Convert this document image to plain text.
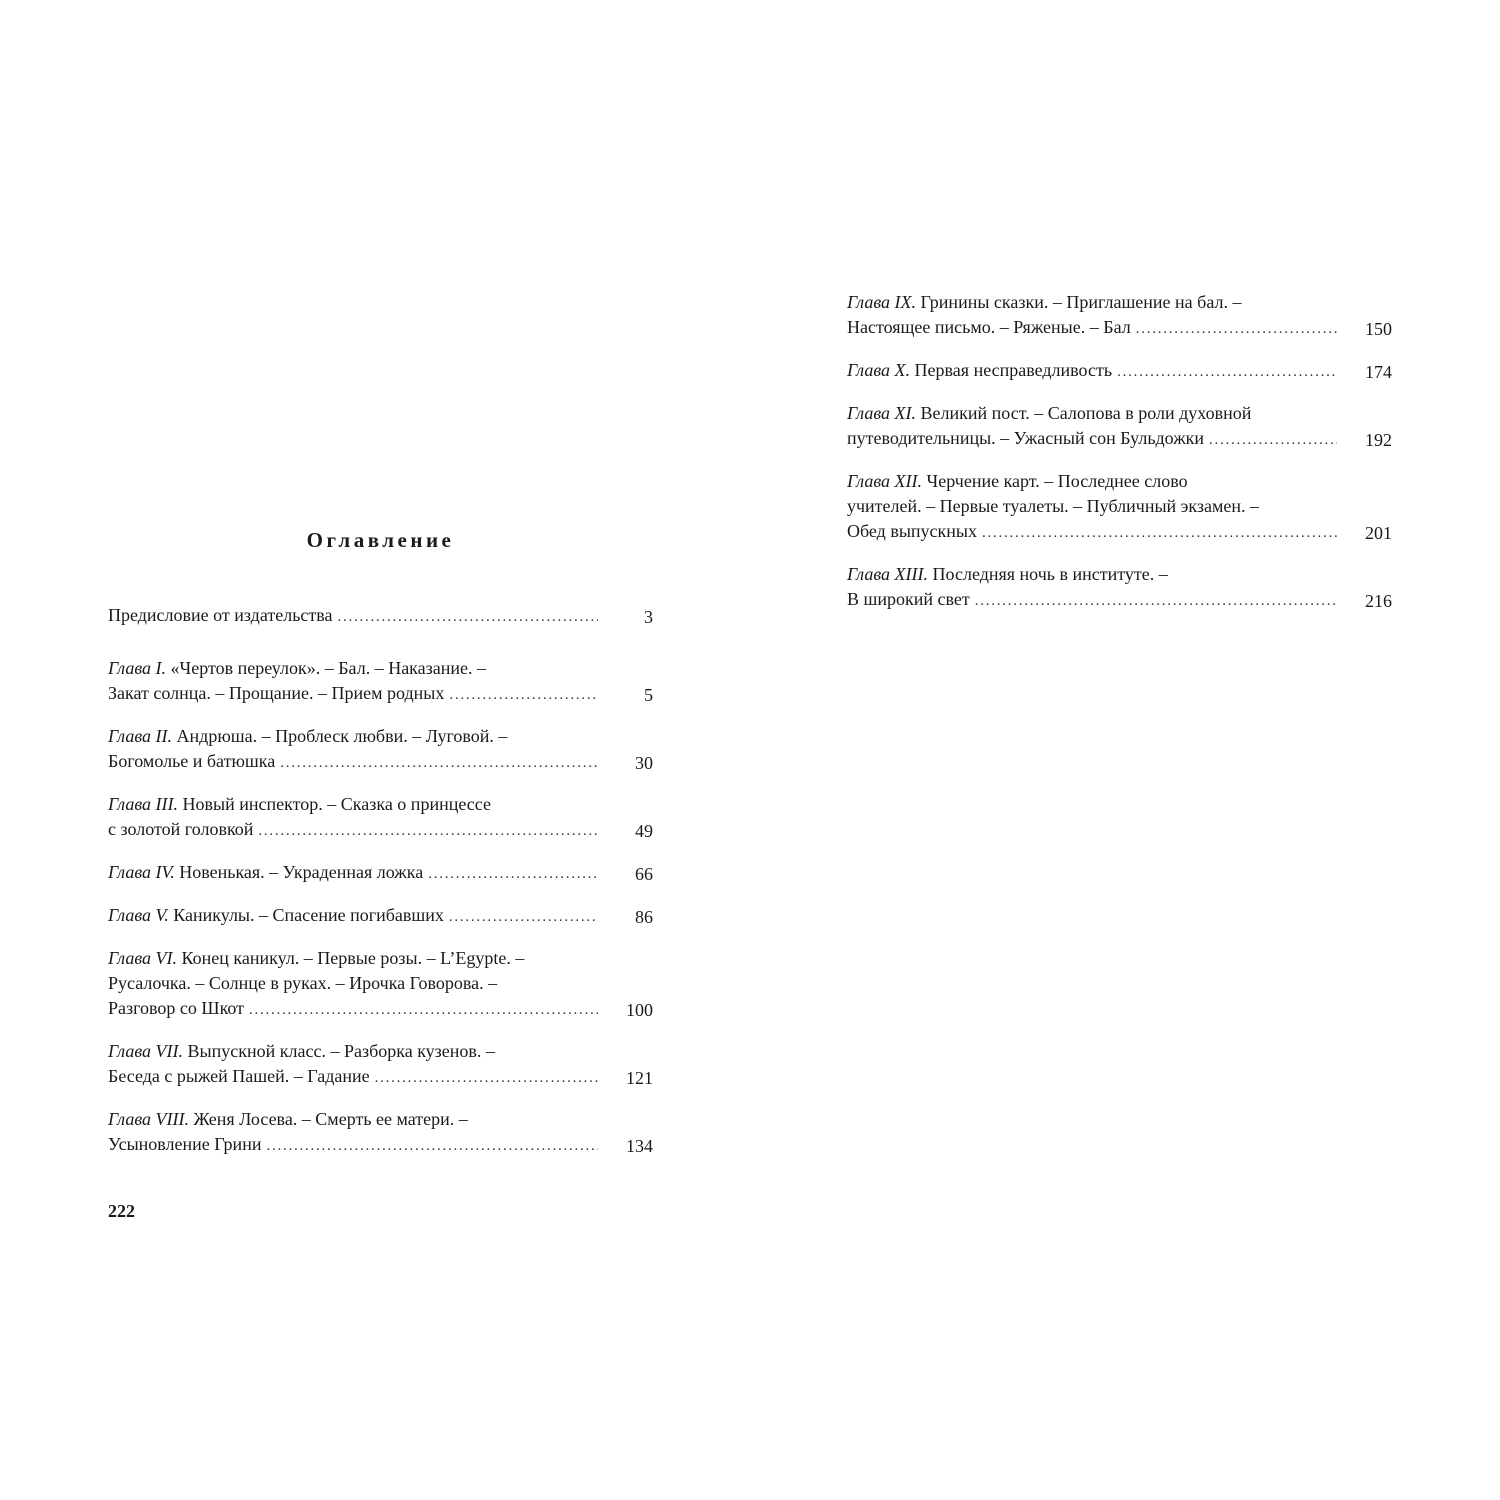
Оглавление
Предисловие от издательства . . .	3
Глава I. «Чертов переулок». – Бал. – Наказание. –
Закат солнца. – Прощание. – Прием родных . . .	5
Глава II. Андрюша. – Проблеск любви. – Луговой. –
Богомолье и батюшка . . .	30
Глава III. Новый инспектор. – Сказка о принцессе
с золотой головкой . . .	49
Глава IV. Новенькая. – Украденная ложка . . .	66
Глава V. Каникулы. – Спасение погибавших . . .	86
Глава VI. Конец каникул. – Первые розы. – L’Egypte. –
Русалочка. – Солнце в руках. – Ирочка Говорова. –
Разговор со Шкот . . .	100
Глава VII. Выпускной класс. – Разборка кузенов. –
Беседа с рыжей Пашей. – Гадание . . .	121
Глава VIII. Женя Лосева. – Смерть ее матери. –
Усыновление Грини . . .	134
222
Глава IX. Гринины сказки. – Приглашение на бал. –
Настоящее письмо. – Ряженые. – Бал . . .	150
Глава X. Первая несправедливость . . .	174
Глава XI. Великий пост. – Салопова в роли духовной
путеводительницы. – Ужасный сон Бульдожки . . .	192
Глава XII. Черчение карт. – Последнее слово
учителей. – Первые туалеты. – Публичный экзамен. –
Обед выпускных . . .	201
Глава XIII. Последняя ночь в институте. –
В широкий свет . . .	216
